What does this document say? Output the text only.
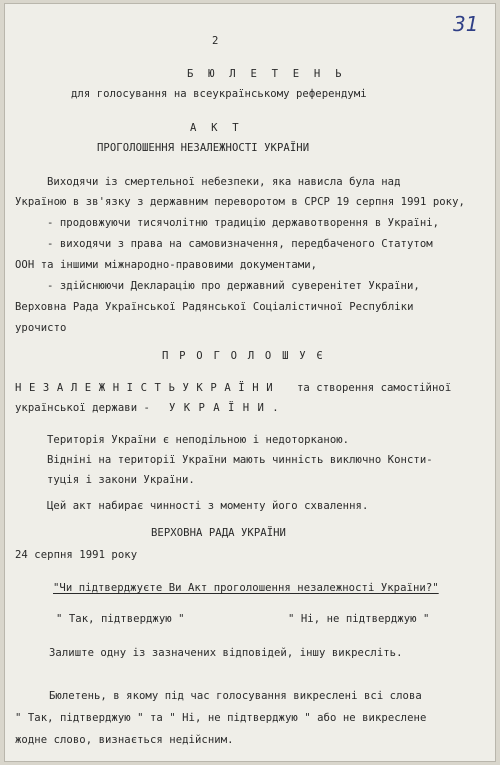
31
2
Б Ю Л Е Т Е Н Ь
для голосування на всеукраїнському референдумі
А К Т
ПРОГОЛОШЕННЯ НЕЗАЛЕЖНОСТІ УКРАЇНИ
Виходячи із смертельної небезпеки, яка нависла була над
Україною в зв'язку з державним переворотом в СРСР 19 серпня 1991 року,
- продовжуючи тисячолітню традицію державотворення в Україні,
- виходячи з права на самовизначення, передбаченого Статутом
ООН та іншими міжнародно-правовими документами,
- здійснюючи Декларацію про державний суверенітет України,
Верховна Рада Української Радянської Соціалістичної Республіки
урочисто
П Р О Г О Л О Ш У Є
Н Е З А Л Е Ж Н І С Т Ь У К Р А Ї Н И та створення самостійної
української держави - У К Р А Ї Н И .
Територія України є неподільною і недоторканою.
Відніні на території України мають чинність виключно Консти-
туція і закони України.
Цей акт набирає чинності з моменту його схвалення.
ВЕРХОВНА РАДА УКРАЇНИ
24 серпня 1991 року
"Чи підтверджуєте Ви Акт проголошення незалежності України?"
" Так, підтверджую "	" Ні, не підтверджую "
Залиште одну із зазначених відповідей, іншу викресліть.
Бюлетень, в якому під час голосування викреслені всі слова
" Так, підтверджую " та " Ні, не підтверджую " або не викреслене
жодне слово, визнається недійсним.
